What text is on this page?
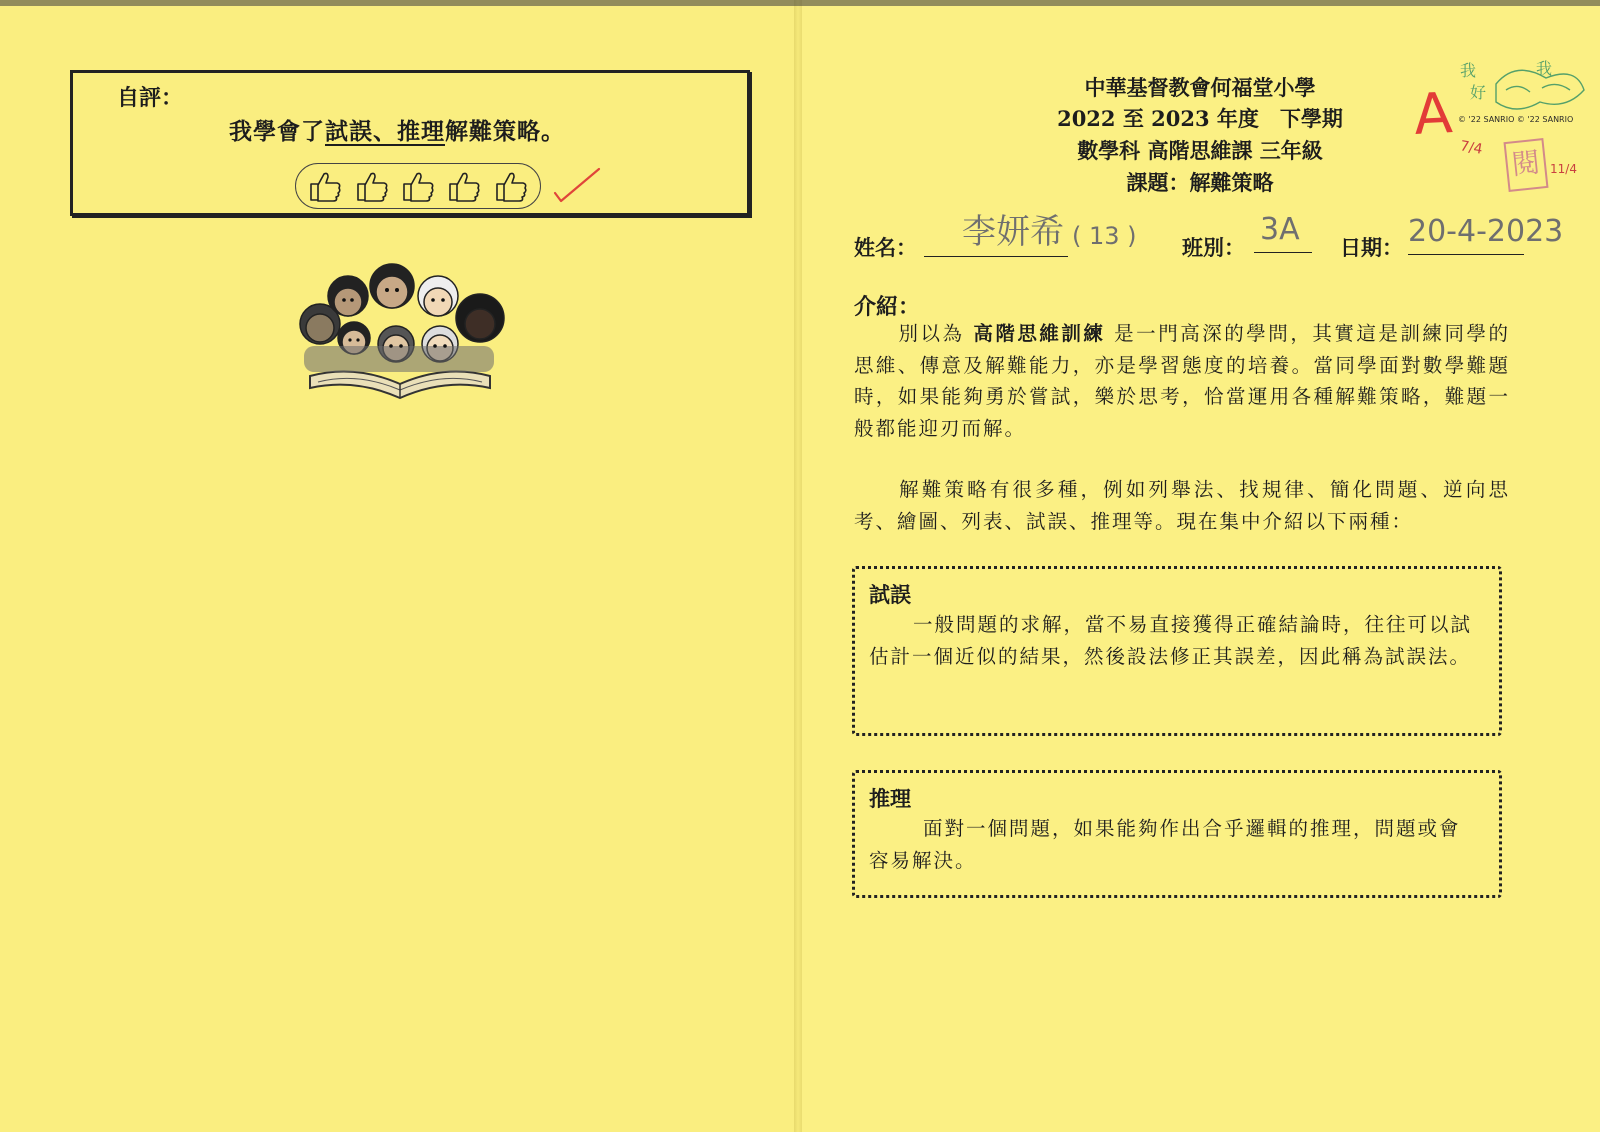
自評：
我學會了試誤、推理解難策略。
中華基督教會何福堂小學
2022 至 2023 年度　下學期
數學科 高階思維課 三年級
課題：解難策略
我
好
我
© '22 SANRIO © '22 SANRIO
A
7/4 閱 11/4
姓名： 李妍希 ( 13 ) 班別：
3A
日期： 20-4-2023
介紹：
別以為 高階思維訓練 是一門高深的學問，其實這是訓練同學的思維、傳意及解難能力，亦是學習態度的培養。當同學面對數學難題時，如果能夠勇於嘗試，樂於思考，恰當運用各種解難策略，難題一般都能迎刃而解。
解難策略有很多種，例如列舉法、找規律、簡化問題、逆向思考、繪圖、列表、試誤、推理等。現在集中介紹以下兩種：
試誤
一般問題的求解，當不易直接獲得正確結論時，往往可以試估計一個近似的結果，然後設法修正其誤差，因此稱為試誤法。
推理
面對一個問題，如果能夠作出合乎邏輯的推理，問題或會容易解決。
